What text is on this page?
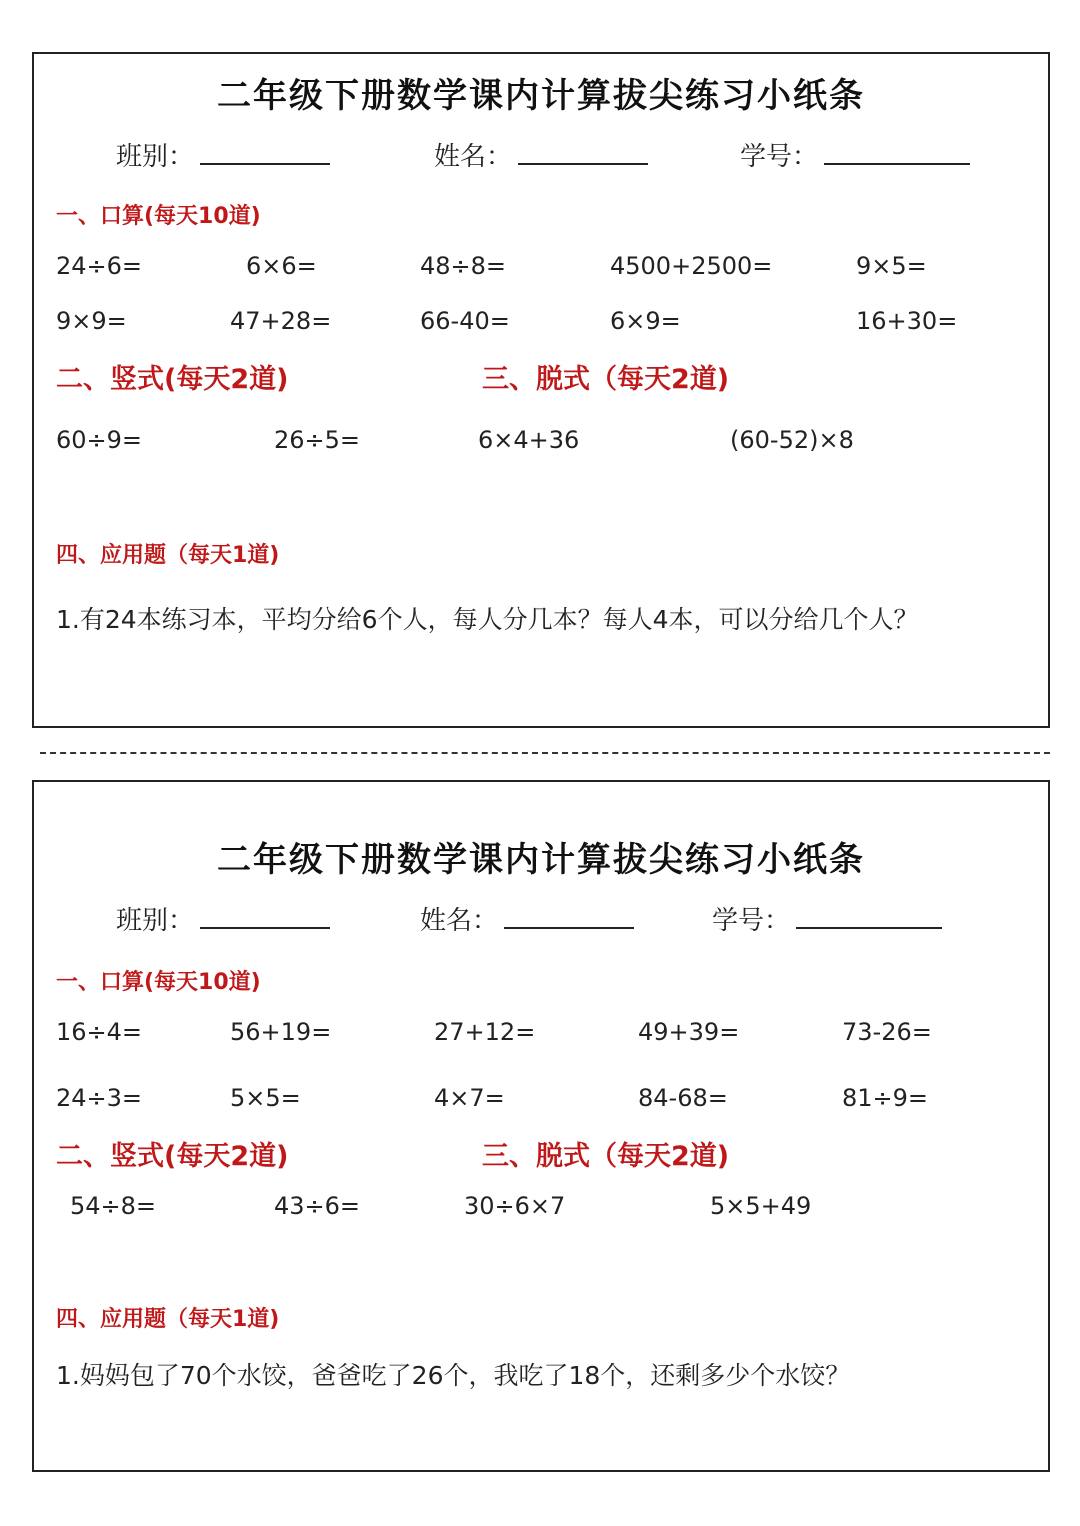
二年级下册数学课内计算拔尖练习小纸条
班别：	姓名：	学号：
一、口算(每天10道)
24÷6=	6×6=	48÷8=	4500+2500=	9×5=
9×9=	47+28=	66-40=	6×9=	16+30=
二、竖式(每天2道)	三、脱式（每天2道)
60÷9=	26÷5=	6×4+36	(60-52)×8
四、应用题（每天1道)
1.有24本练习本，平均分给6个人，每人分几本？每人4本，可以分给几个人？
二年级下册数学课内计算拔尖练习小纸条
班别：	姓名：	学号：
一、口算(每天10道)
16÷4=	56+19=	27+12=	49+39=	73-26=
24÷3=	5×5=	4×7=	84-68=	81÷9=
二、竖式(每天2道)	三、脱式（每天2道)
54÷8=	43÷6=	30÷6×7	5×5+49
四、应用题（每天1道)
1.妈妈包了70个水饺，爸爸吃了26个，我吃了18个，还剩多少个水饺？
